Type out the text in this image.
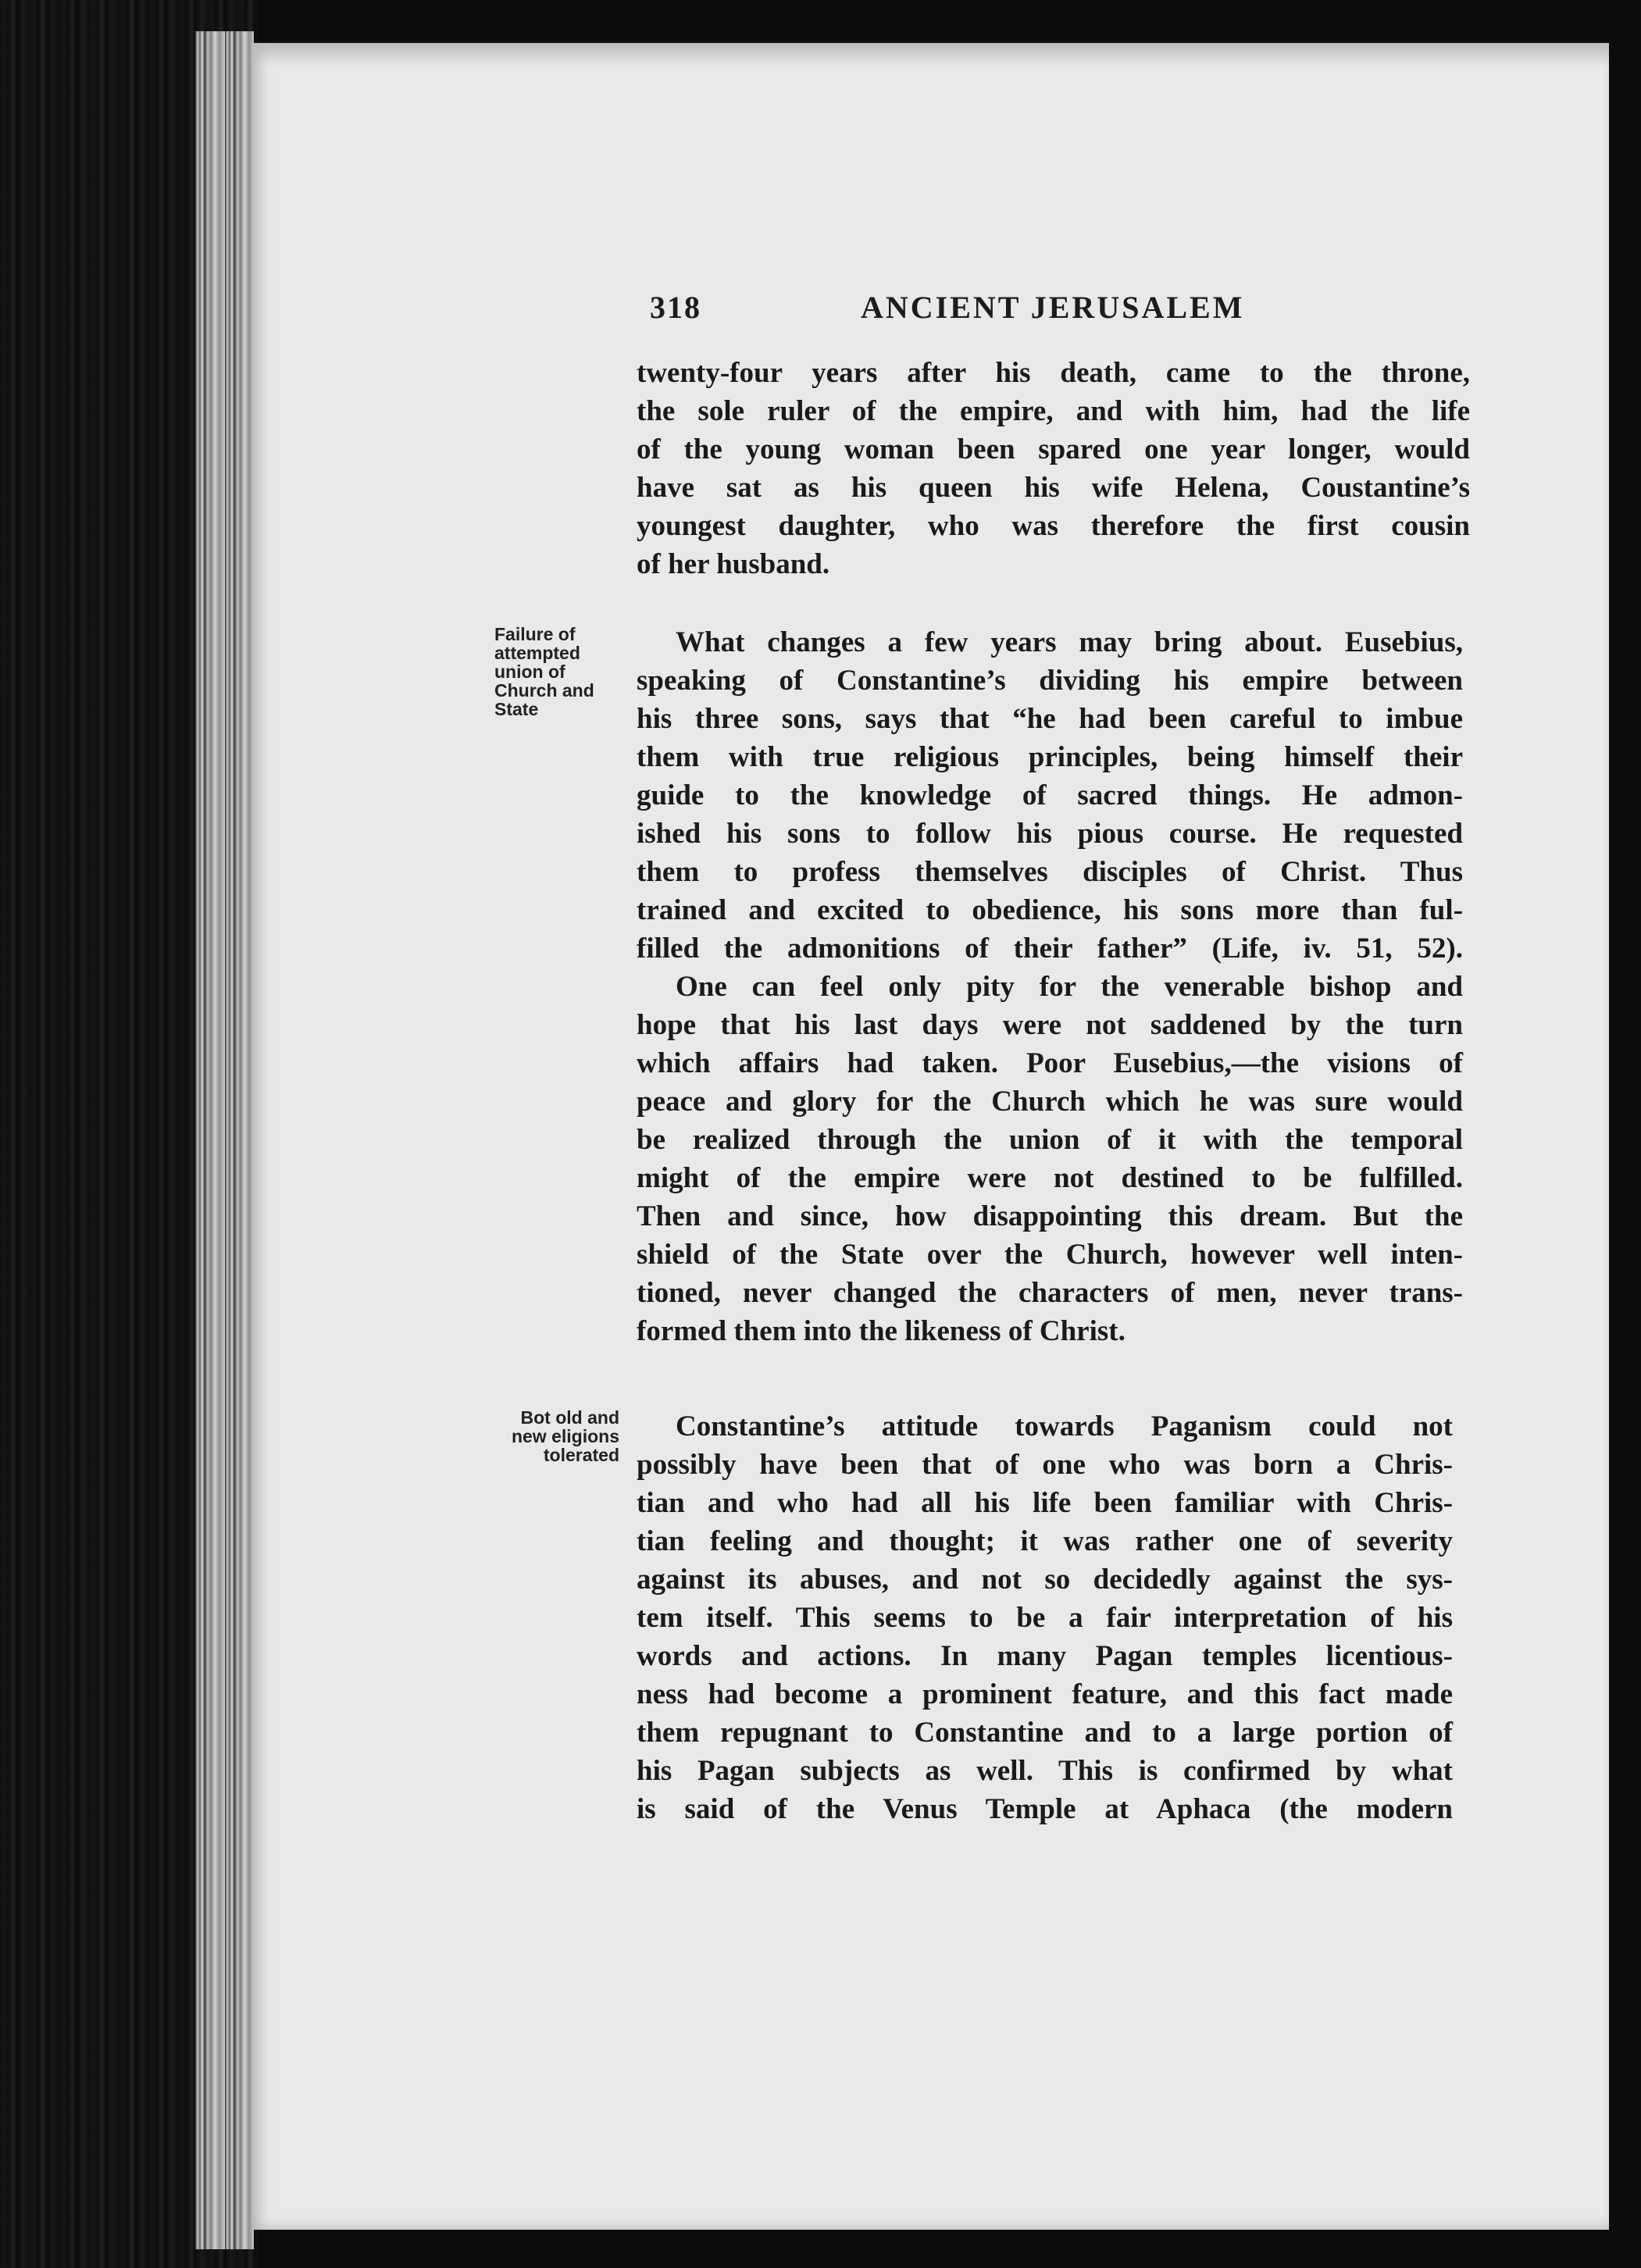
318	ANCIENT JERUSALEM
Failure of
attempted
union of
Church and
State
Bot old and
new eligions
tolerated
twenty-four years after his death, came to the throne,
the sole ruler of the empire, and with him, had the life
of the young woman been spared one year longer, would
have sat as his queen his wife Helena, Coustantine’s
youngest daughter, who was therefore the first cousin
of her husband.
What changes a few years may bring about. Eusebius,
speaking of Constantine’s dividing his empire between
his three sons, says that “he had been careful to imbue
them with true religious principles, being himself their
guide to the knowledge of sacred things. He admon-
ished his sons to follow his pious course. He requested
them to profess themselves disciples of Christ. Thus
trained and excited to obedience, his sons more than ful-
filled the admonitions of their father” (Life, iv. 51, 52).
One can feel only pity for the venerable bishop and
hope that his last days were not saddened by the turn
which affairs had taken. Poor Eusebius,—the visions of
peace and glory for the Church which he was sure would
be realized through the union of it with the temporal
might of the empire were not destined to be fulfilled.
Then and since, how disappointing this dream. But the
shield of the State over the Church, however well inten-
tioned, never changed the characters of men, never trans-
formed them into the likeness of Christ.
Constantine’s attitude towards Paganism could not
possibly have been that of one who was born a Chris-
tian and who had all his life been familiar with Chris-
tian feeling and thought; it was rather one of severity
against its abuses, and not so decidedly against the sys-
tem itself. This seems to be a fair interpretation of his
words and actions. In many Pagan temples licentious-
ness had become a prominent feature, and this fact made
them repugnant to Constantine and to a large portion of
his Pagan subjects as well. This is confirmed by what
is said of the Venus Temple at Aphaca (the modern
